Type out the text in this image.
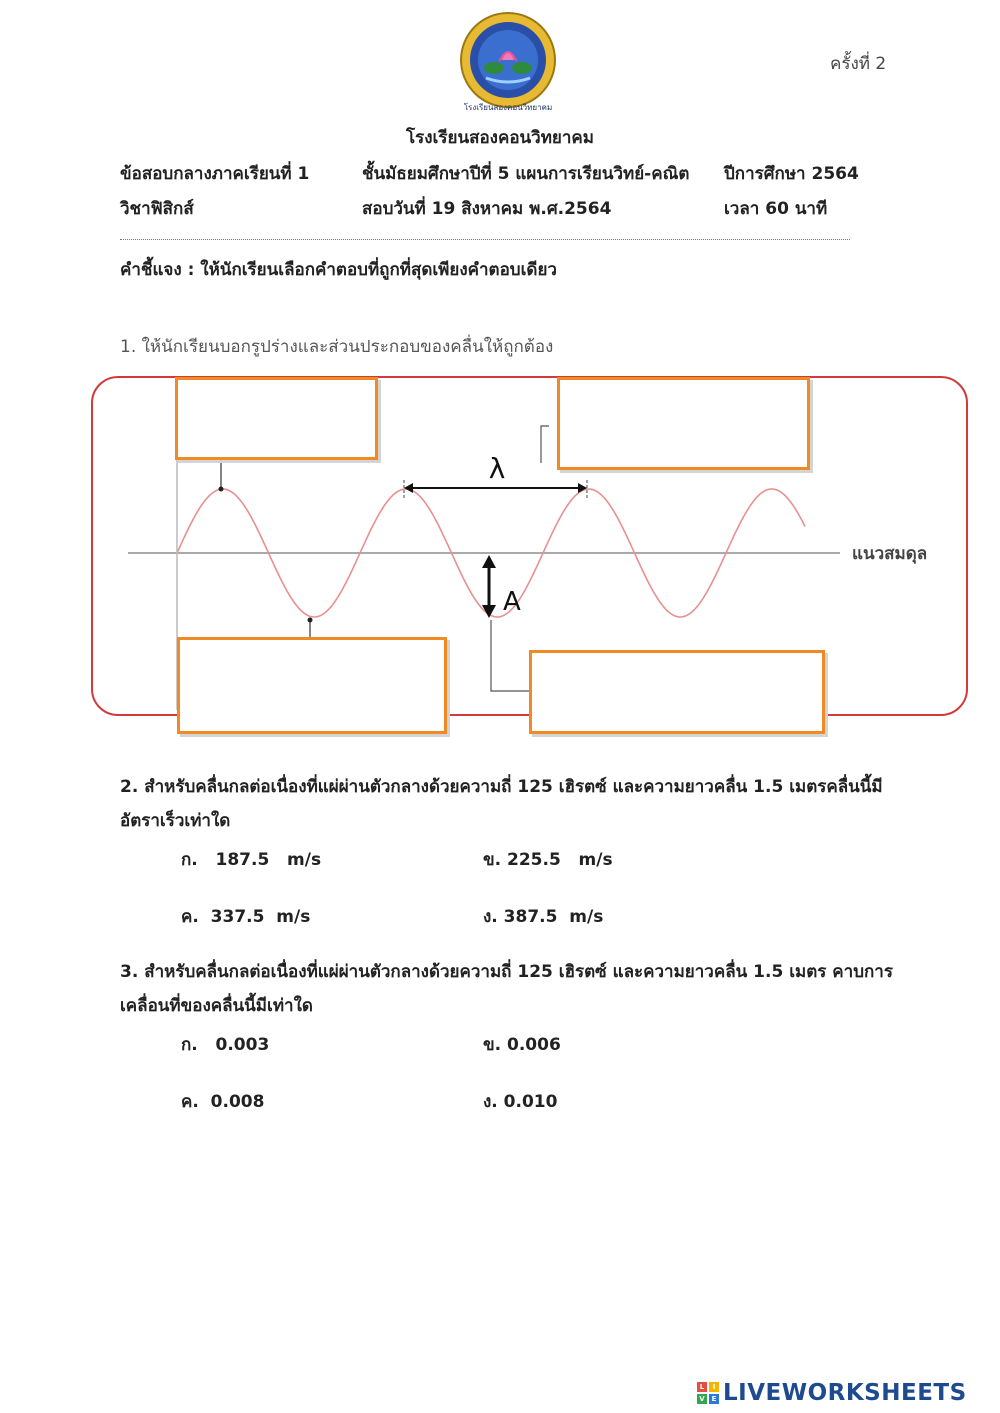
โรงเรียนสองคอนวิทยาคม
ครั้งที่ 2
โรงเรียนสองคอนวิทยาคม
ข้อสอบกลางภาคเรียนที่ 1	ชั้นมัธยมศึกษาปีที่ 5 แผนการเรียนวิทย์-คณิต ปีการศึกษา 2564
วิชาฟิสิกส์	สอบวันที่ 19 สิงหาคม พ.ศ.2564	เวลา 60 นาที
คำชี้แจง : ให้นักเรียนเลือกคำตอบที่ถูกที่สุดเพียงคำตอบเดียว
1. ให้นักเรียนบอกรูปร่างและส่วนประกอบของคลื่นให้ถูกต้อง
λ
A
แนวสมดุล
2. สำหรับคลื่นกลต่อเนื่องที่แผ่ผ่านตัวกลางด้วยความถี่ 125 เฮิรตซ์ และความยาวคลื่น 1.5 เมตรคลื่นนี้มีอัตราเร็วเท่าใด
ก.   187.5   m/s	ข. 225.5   m/s
ค.  337.5  m/s	ง. 387.5  m/s
3. สำหรับคลื่นกลต่อเนื่องที่แผ่ผ่านตัวกลางด้วยความถี่ 125 เฮิรตซ์ และความยาวคลื่น 1.5 เมตร คาบการเคลื่อนที่ของคลื่นนี้มีเท่าใด
ก.   0.003	ข. 0.006
ค.  0.008	ง. 0.010
L	I
V E LIVEWORKSHEETS
